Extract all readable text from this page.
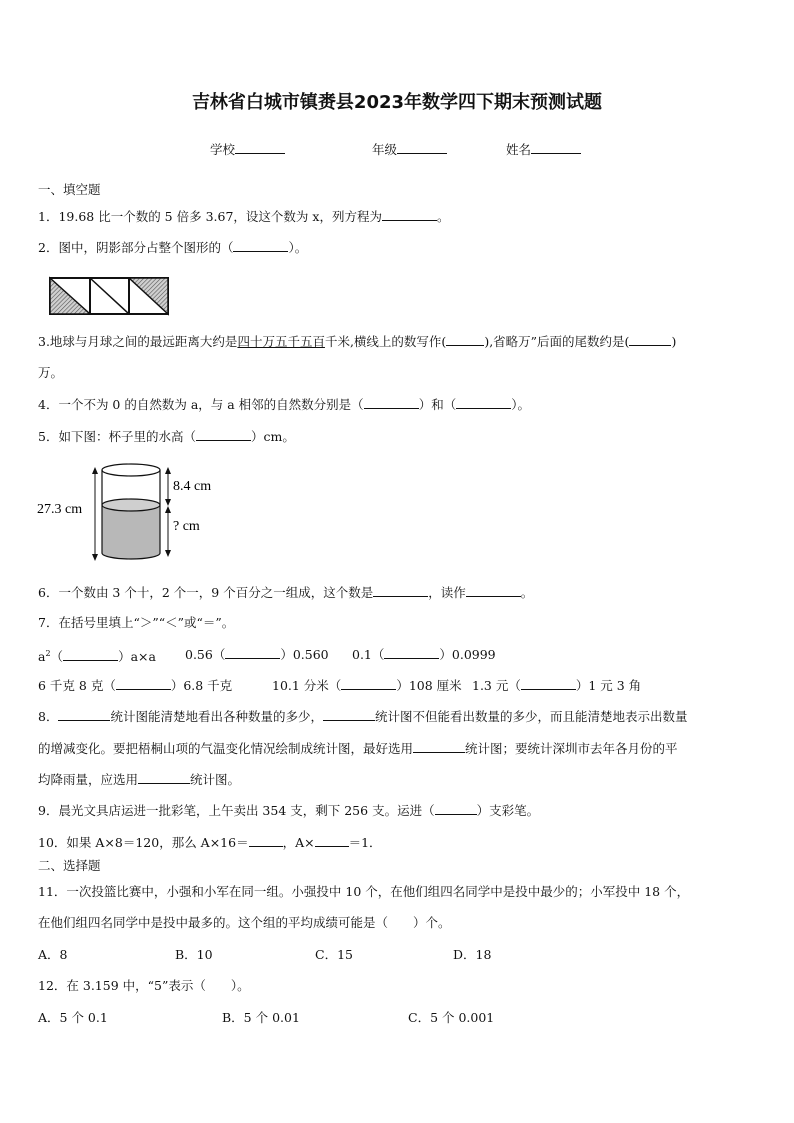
吉林省白城市镇赉县2023年数学四下期末预测试题
学校	年级	姓名
一、填空题
1．19.68 比一个数的 5 倍多 3.67，设这个数为 x，列方程为	。
2．图中，阴影部分占整个图形的（	）。
3.地球与月球之间的最远距离大约是四十万五千五百千米,横线上的数写作(	),省略万”后面的尾数约是(	)
万。
4．一个不为 0 的自然数为 a，与 a 相邻的自然数分别是（	）和（	）。
5．如下图：杯子里的水高（	）cm。
27.3 cm
8.4 cm
? cm
6．一个数由 3 个十，2 个一，9 个百分之一组成，这个数是	，读作	。
7．在括号里填上“＞”“＜”或“＝”。
$a^2$（	）a×a 0.56（	）0.560 0.1（	）0.0999
6 千克 8 克（	）6.8 千克	10.1 分米（	）108 厘米 1.3 元（	）1 元 3 角
8．	统计图能清楚地看出各种数量的多少，	统计图不但能看出数量的多少，而且能清楚地表示出数量
的增减变化。要把梧桐山项的气温变化情况绘制成统计图，最好选用	统计图；要统计深圳市去年各月份的平
均降雨量，应选用	统计图。
9．晨光文具店运进一批彩笔，上午卖出 354 支，剩下 256 支。运进（	）支彩笔。
10．如果 A×8＝120，那么 A×16＝	，A×	＝1．
二、选择题
11．一次投篮比赛中，小强和小军在同一组。小强投中 10 个，在他们组四名同学中是投中最少的；小军投中 18 个，
在他们组四名同学中是投中最多的。这个组的平均成绩可能是（　　）个。
A．8	B．10	C．15	D．18
12．在 3.159 中，“5”表示（　　）。
A．5 个 0.1	B．5 个 0.01	C．5 个 0.001
